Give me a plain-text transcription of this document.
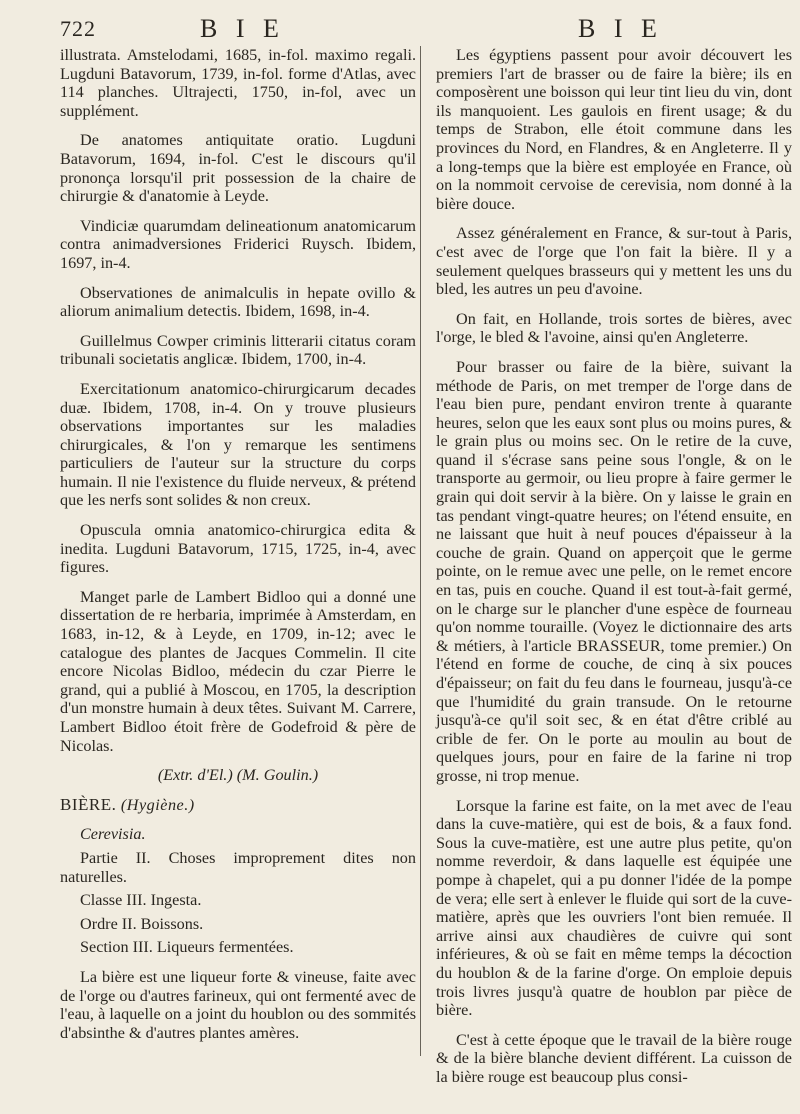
722	B I E	B I E

illustrata. Amstelodami, 1685, in-fol. maximo regali. Lugduni Batavorum, 1739, in-fol. forme d'Atlas, avec 114 planches. Ultrajecti, 1750, in-fol, avec un supplément.

De anatomes antiquitate oratio. Lugduni Batavorum, 1694, in-fol. C'est le discours qu'il prononça lorsqu'il prit possession de la chaire de chirurgie & d'anatomie à Leyde.

Vindiciæ quarumdam delineationum anatomicarum contra animadversiones Friderici Ruysch. Ibidem, 1697, in-4.

Observationes de animalculis in hepate ovillo & aliorum animalium detectis. Ibidem, 1698, in-4.

Guillelmus Cowper criminis litterarii citatus coram tribunali societatis anglicæ. Ibidem, 1700, in-4.

Exercitationum anatomico-chirurgicarum decades duæ. Ibidem, 1708, in-4. On y trouve plusieurs observations importantes sur les maladies chirurgicales, & l'on y remarque les sentimens particuliers de l'auteur sur la structure du corps humain. Il nie l'existence du fluide nerveux, & prétend que les nerfs sont solides & non creux.

Opuscula omnia anatomico-chirurgica edita & inedita. Lugduni Batavorum, 1715, 1725, in-4, avec figures.

Manget parle de Lambert Bidloo qui a donné une dissertation de re herbaria, imprimée à Amsterdam, en 1683, in-12, & à Leyde, en 1709, in-12; avec le catalogue des plantes de Jacques Commelin. Il cite encore Nicolas Bidloo, médecin du czar Pierre le grand, qui a publié à Moscou, en 1705, la description d'un monstre humain à deux têtes. Suivant M. Carrere, Lambert Bidloo étoit frère de Godefroid & père de Nicolas.

(Extr. d'El.) (M. Goulin.)

BIÈRE. (Hygiène.)

Cerevisia.

Partie II. Choses improprement dites non naturelles.

Classe III. Ingesta.

Ordre II. Boissons.

Section III. Liqueurs fermentées.

La bière est une liqueur forte & vineuse, faite avec de l'orge ou d'autres farineux, qui ont fermenté avec de l'eau, à laquelle on a joint du houblon ou des sommités d'absinthe & d'autres plantes amères.

Les égyptiens passent pour avoir découvert les premiers l'art de brasser ou de faire la bière; ils en composèrent une boisson qui leur tint lieu du vin, dont ils manquoient. Les gaulois en firent usage; & du temps de Strabon, elle étoit commune dans les provinces du Nord, en Flandres, & en Angleterre. Il y a long-temps que la bière est employée en France, où on la nommoit cervoise de cerevisia, nom donné à la bière douce.

Assez généralement en France, & sur-tout à Paris, c'est avec de l'orge que l'on fait la bière. Il y a seulement quelques brasseurs qui y mettent les uns du bled, les autres un peu d'avoine.

On fait, en Hollande, trois sortes de bières, avec l'orge, le bled & l'avoine, ainsi qu'en Angleterre.

Pour brasser ou faire de la bière, suivant la méthode de Paris, on met tremper de l'orge dans de l'eau bien pure, pendant environ trente à quarante heures, selon que les eaux sont plus ou moins pures, & le grain plus ou moins sec. On le retire de la cuve, quand il s'écrase sans peine sous l'ongle, & on le transporte au germoir, ou lieu propre à faire germer le grain qui doit servir à la bière. On y laisse le grain en tas pendant vingt-quatre heures; on l'étend ensuite, en ne laissant que huit à neuf pouces d'épaisseur à la couche de grain. Quand on apperçoit que le germe pointe, on le remue avec une pelle, on le remet encore en tas, puis en couche. Quand il est tout-à-fait germé, on le charge sur le plancher d'une espèce de fourneau qu'on nomme touraille. (Voyez le dictionnaire des arts & métiers, à l'article BRASSEUR, tome premier.) On l'étend en forme de couche, de cinq à six pouces d'épaisseur; on fait du feu dans le fourneau, jusqu'à-ce que l'humidité du grain transude. On le retourne jusqu'à-ce qu'il soit sec, & en état d'être criblé au crible de fer. On le porte au moulin au bout de quelques jours, pour en faire de la farine ni trop grosse, ni trop menue.

Lorsque la farine est faite, on la met avec de l'eau dans la cuve-matière, qui est de bois, & a faux fond. Sous la cuve-matière, est une autre plus petite, qu'on nomme reverdoir, & dans laquelle est équipée une pompe à chapelet, qui a pu donner l'idée de la pompe de vera; elle sert à enlever le fluide qui sort de la cuve-matière, après que les ouvriers l'ont bien remuée. Il arrive ainsi aux chaudières de cuivre qui sont inférieures, & où se fait en même temps la décoction du houblon & de la farine d'orge. On emploie depuis trois livres jusqu'à quatre de houblon par pièce de bière.

C'est à cette époque que le travail de la bière rouge & de la bière blanche devient différent. La cuisson de la bière rouge est beaucoup plus consi-
